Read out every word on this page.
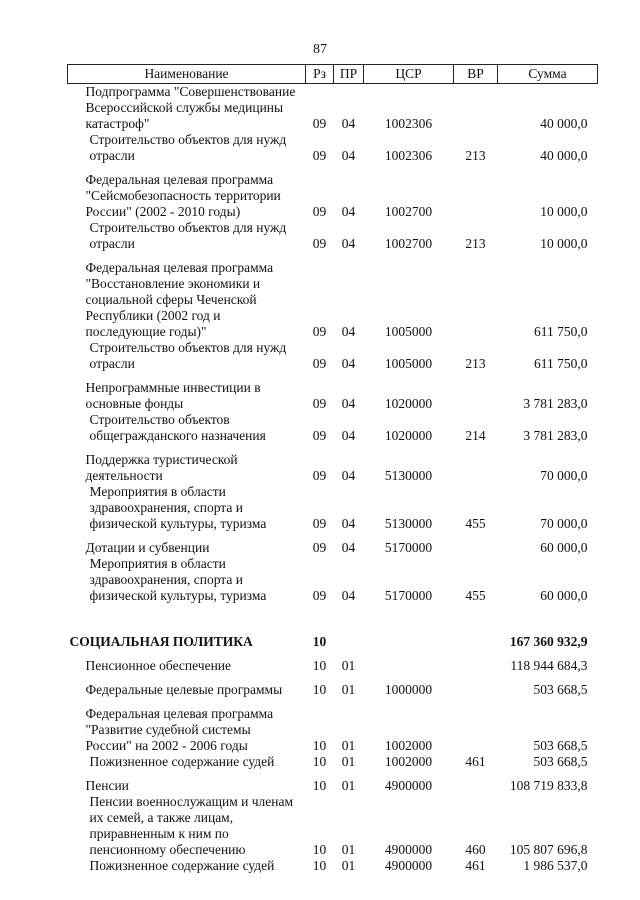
87
Наименование	Рз	ПР	ЦСР	ВР	Сумма
Подпрограмма "Совершенствование Всероссийской службы медицины катастроф"	09	04	1002306		40 000,0
Строительство объектов для нужд отрасли	09	04	1002306	213	40 000,0
Федеральная целевая программа "Сейсмобезопасность территории России" (2002 - 2010 годы)	09	04	1002700		10 000,0
Строительство объектов для нужд отрасли	09	04	1002700	213	10 000,0
Федеральная целевая программа "Восстановление экономики и социальной сферы Чеченской Республики (2002 год и последующие годы)"	09	04	1005000		611 750,0
Строительство объектов для нужд отрасли	09	04	1005000	213	611 750,0
Непрограммные инвестиции в основные фонды	09	04	1020000		3 781 283,0
Строительство объектов общегражданского назначения	09	04	1020000	214	3 781 283,0
Поддержка туристической деятельности	09	04	5130000		70 000,0
Мероприятия в области здравоохранения, спорта и физической культуры, туризма	09	04	5130000	455	70 000,0
Дотации и субвенции	09	04	5170000		60 000,0
Мероприятия в области здравоохранения, спорта и физической культуры, туризма	09	04	5170000	455	60 000,0
СОЦИАЛЬНАЯ ПОЛИТИКА	10				167 360 932,9
Пенсионное обеспечение	10	01			118 944 684,3
Федеральные целевые программы	10	01	1000000		503 668,5
Федеральная целевая программа "Развитие судебной системы России" на 2002 - 2006 годы	10	01	1002000		503 668,5
Пожизненное содержание судей	10	01	1002000	461	503 668,5
Пенсии	10	01	4900000		108 719 833,8
Пенсии военнослужащим и членам их семей, а также лицам, приравненным к ним по пенсионному обеспечению	10	01	4900000	460	105 807 696,8
Пожизненное содержание судей	10	01	4900000	461	1 986 537,0
